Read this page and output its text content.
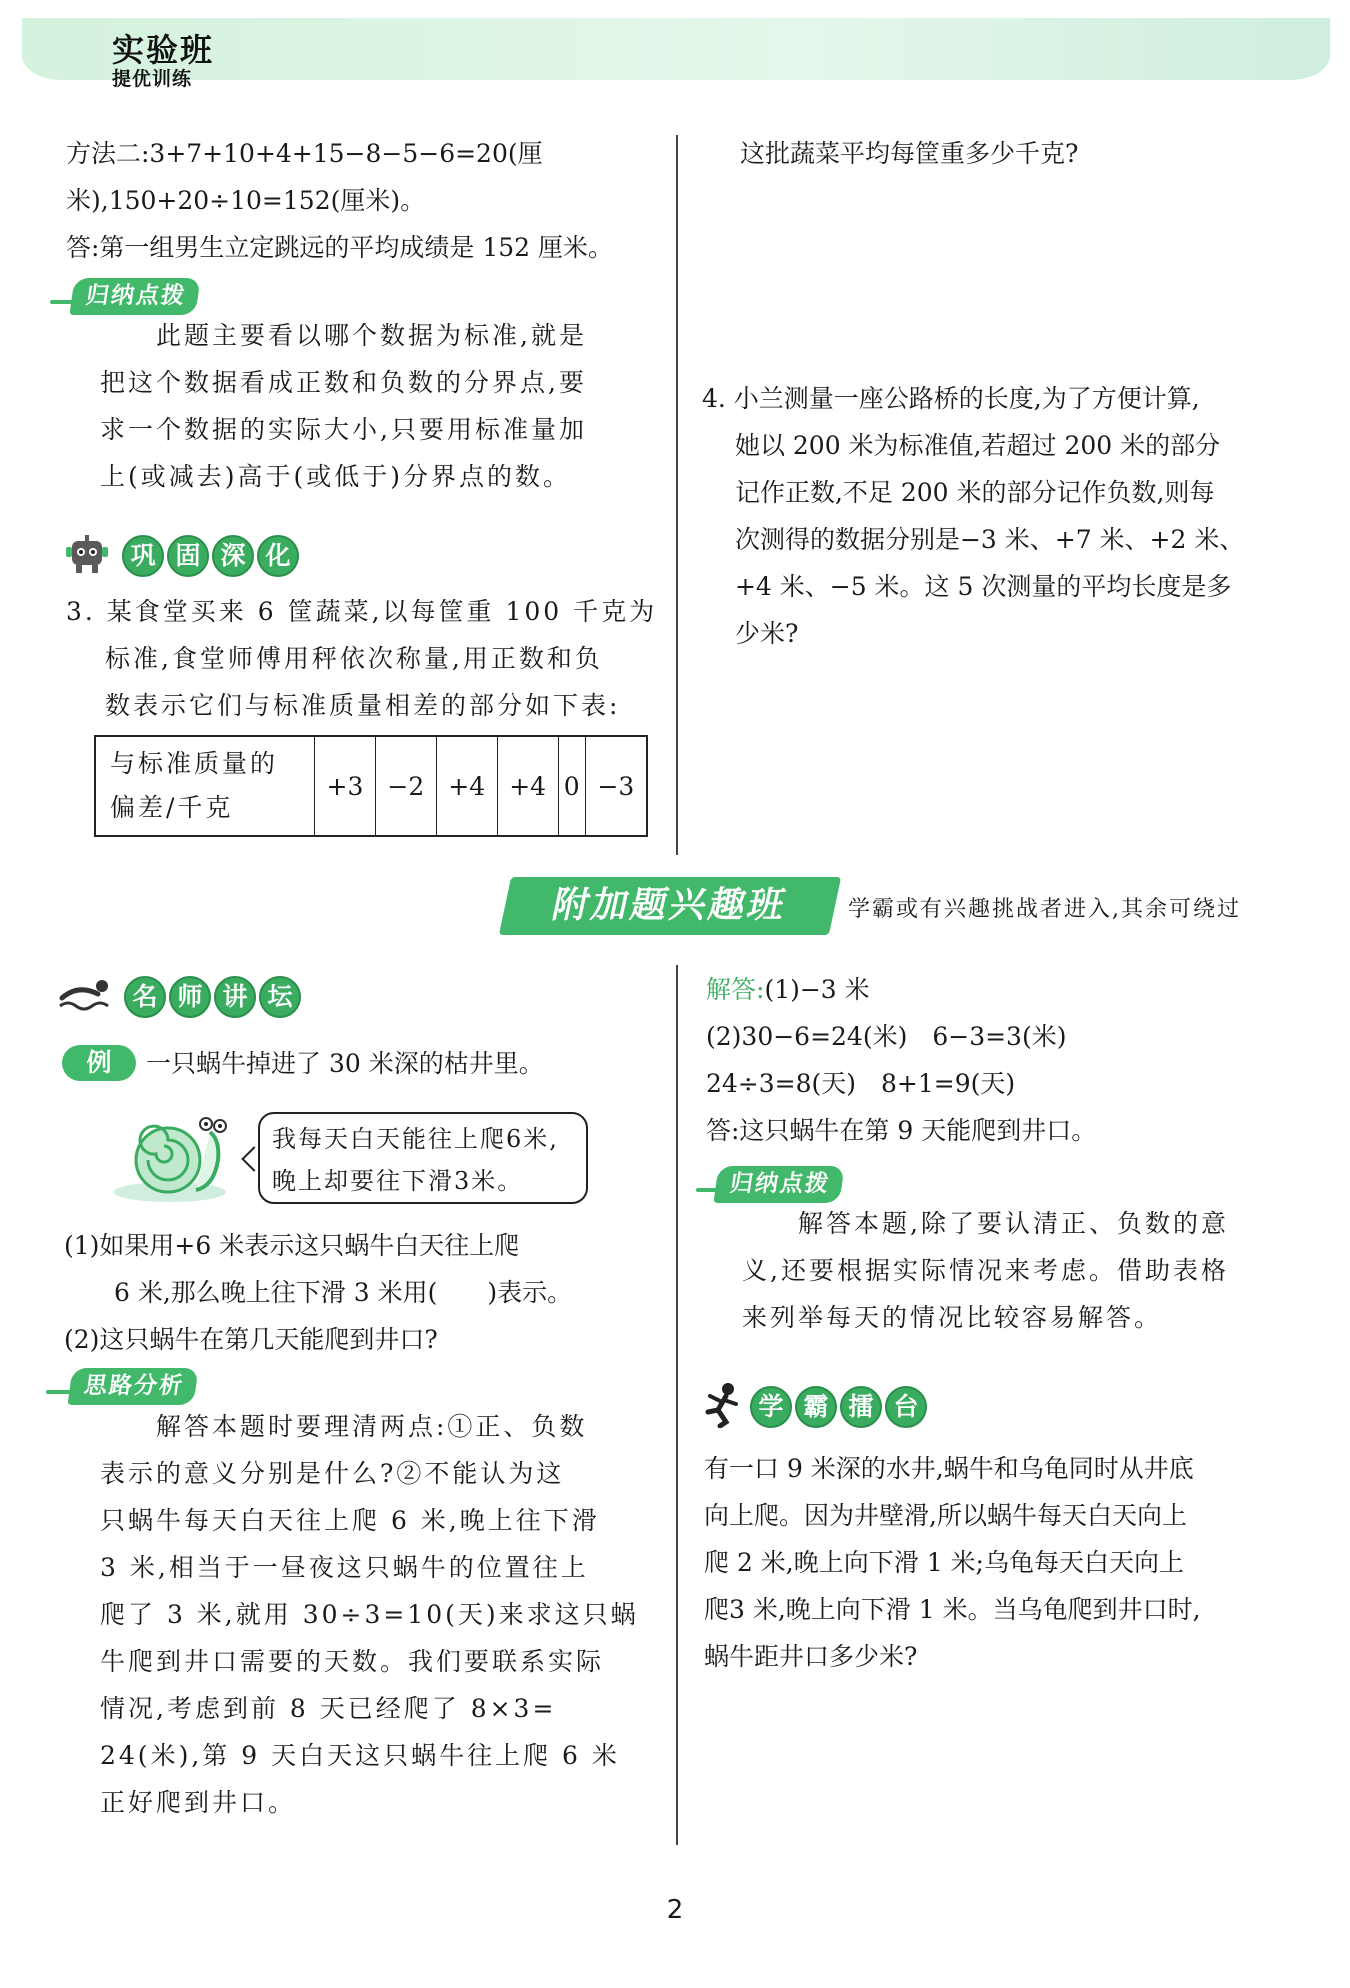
实验班
提优训练

方法二:3+7+10+4+15−8−5−6=20(厘

米),150+20÷10=152(厘米)。

答:第一组男生立定跳远的平均成绩是 152 厘米。

归纳点拨

　　此题主要看以哪个数据为标准,就是

把这个数据看成正数和负数的分界点,要

求一个数据的实际大小,只要用标准量加

上(或减去)高于(或低于)分界点的数。

巩 固 深 化

3. 某食堂买来 6 筐蔬菜,以每筐重 100 千克为

　 标准,食堂师傅用秤依次称量,用正数和负

　 数表示它们与标准质量相差的部分如下表:

与标准质量的
偏差/千克	+3	−2	+4	+4	0	−3

这批蔬菜平均每筐重多少千克?

4. 小兰测量一座公路桥的长度,为了方便计算,

　 她以 200 米为标准值,若超过 200 米的部分

　 记作正数,不足 200 米的部分记作负数,则每

　 次测得的数据分别是−3 米、+7 米、+2 米、

　 +4 米、−5 米。这 5 次测量的平均长度是多

　 少米?

附加题兴趣班	学霸或有兴趣挑战者进入,其余可绕过
名 师 讲 坛
例	一只蜗牛掉进了 30 米深的枯井里。

我每天白天能往上爬6米,

晚上却要往下滑3米。

(1)如果用+6 米表示这只蜗牛白天往上爬

　　6 米,那么晚上往下滑 3 米用(　　)表示。

(2)这只蜗牛在第几天能爬到井口?

思路分析

　　解答本题时要理清两点:①正、负数

表示的意义分别是什么?②不能认为这

只蜗牛每天白天往上爬 6 米,晚上往下滑

3 米,相当于一昼夜这只蜗牛的位置往上

爬了 3 米,就用 30÷3=10(天)来求这只蜗

牛爬到井口需要的天数。我们要联系实际

情况,考虑到前 8 天已经爬了 8×3=

24(米),第 9 天白天这只蜗牛往上爬 6 米

正好爬到井口。

解答:(1)−3 米

(2)30−6=24(米)　6−3=3(米)

24÷3=8(天)　8+1=9(天)

答:这只蜗牛在第 9 天能爬到井口。

归纳点拨

　　解答本题,除了要认清正、负数的意

义,还要根据实际情况来考虑。借助表格

来列举每天的情况比较容易解答。

学 霸 擂 台

有一口 9 米深的水井,蜗牛和乌龟同时从井底

向上爬。因为井壁滑,所以蜗牛每天白天向上

爬 2 米,晚上向下滑 1 米;乌龟每天白天向上

爬3 米,晚上向下滑 1 米。当乌龟爬到井口时,

蜗牛距井口多少米?

2
